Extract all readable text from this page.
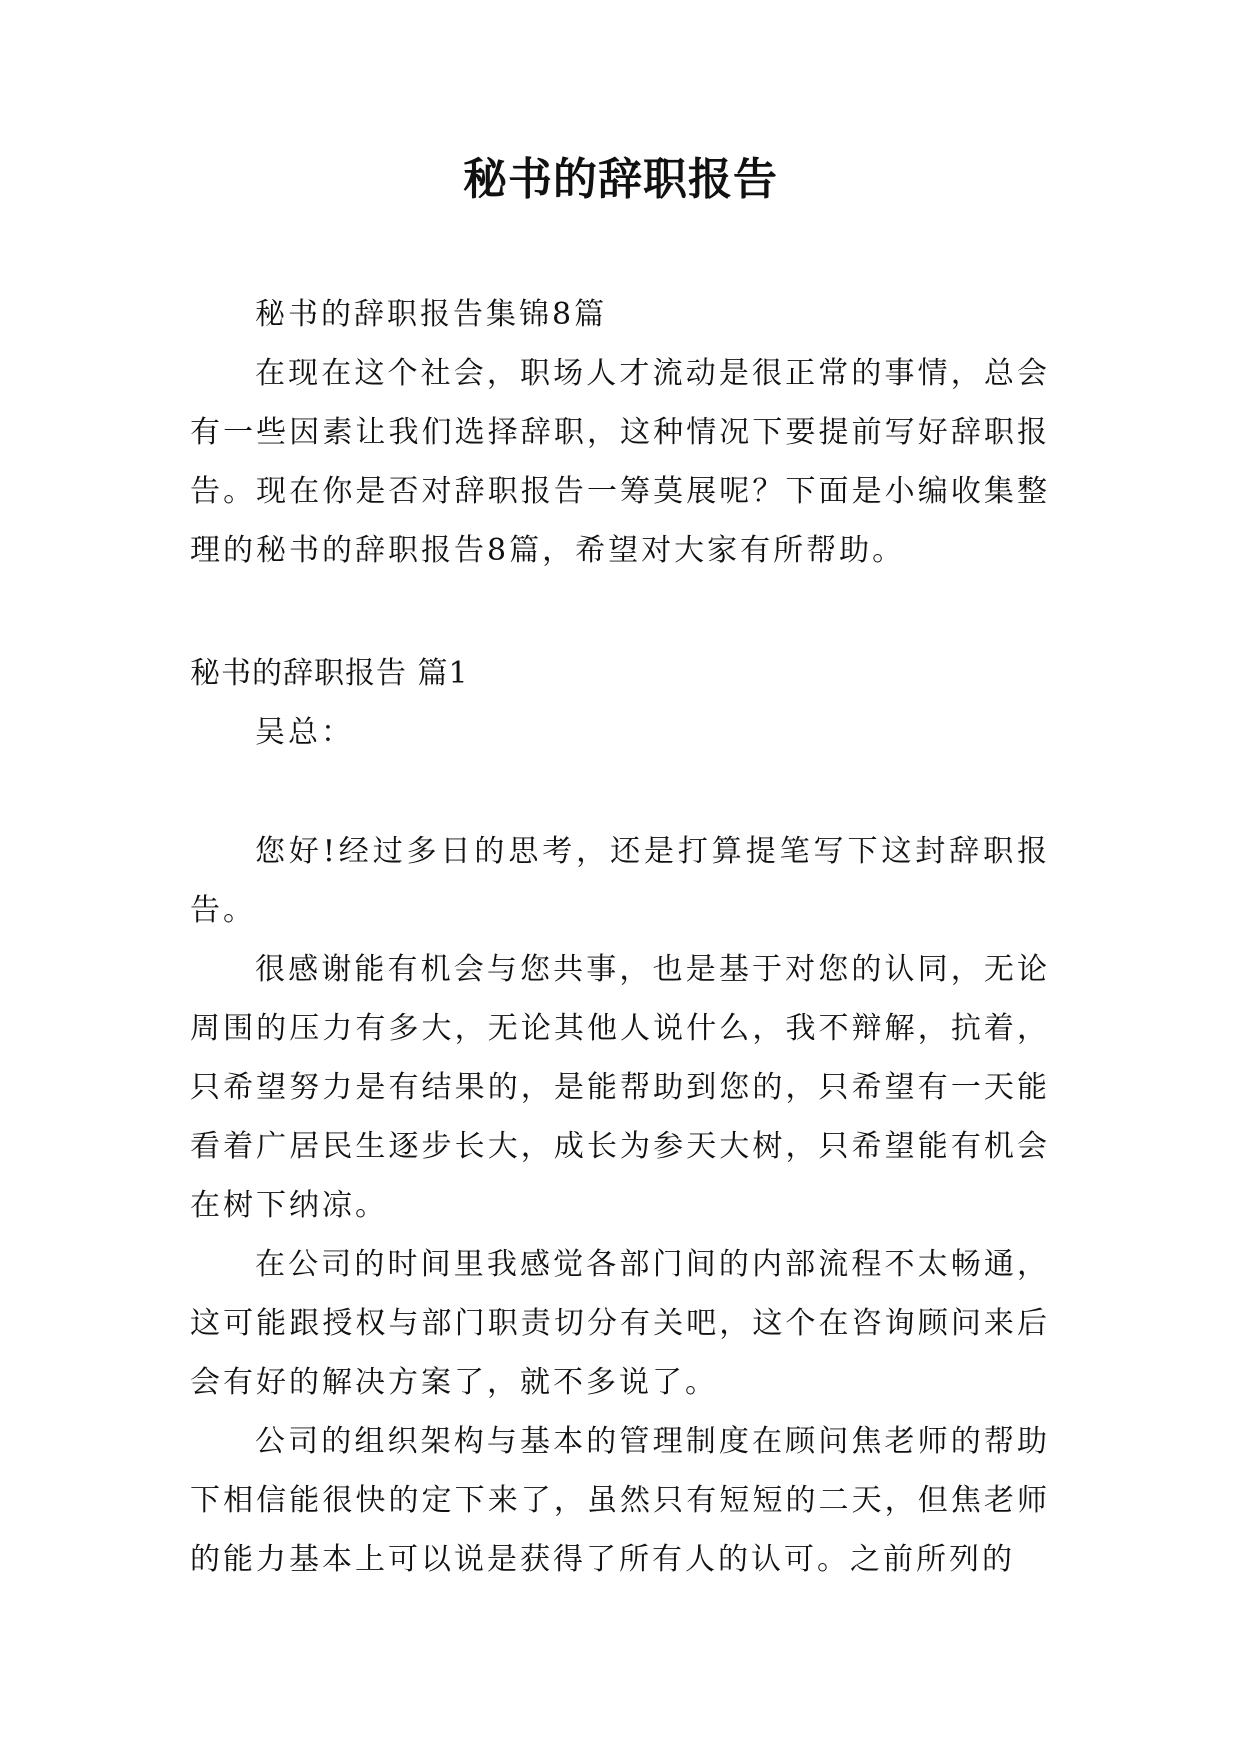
秘书的辞职报告

秘书的辞职报告集锦8篇

在现在这个社会，职场人才流动是很正常的事情，总会有一些因素让我们选择辞职，这种情况下要提前写好辞职报告。现在你是否对辞职报告一筹莫展呢？下面是小编收集整理的秘书的辞职报告8篇，希望对大家有所帮助。

秘书的辞职报告 篇1

吴总：

您好!经过多日的思考，还是打算提笔写下这封辞职报告。

很感谢能有机会与您共事，也是基于对您的认同，无论周围的压力有多大，无论其他人说什么，我不辩解，抗着，只希望努力是有结果的，是能帮助到您的，只希望有一天能看着广居民生逐步长大，成长为参天大树，只希望能有机会在树下纳凉。

在公司的时间里我感觉各部门间的内部流程不太畅通，这可能跟授权与部门职责切分有关吧，这个在咨询顾问来后会有好的解决方案了，就不多说了。

公司的组织架构与基本的管理制度在顾问焦老师的帮助下相信能很快的定下来了，虽然只有短短的二天，但焦老师的能力基本上可以说是获得了所有人的认可。之前所列的
